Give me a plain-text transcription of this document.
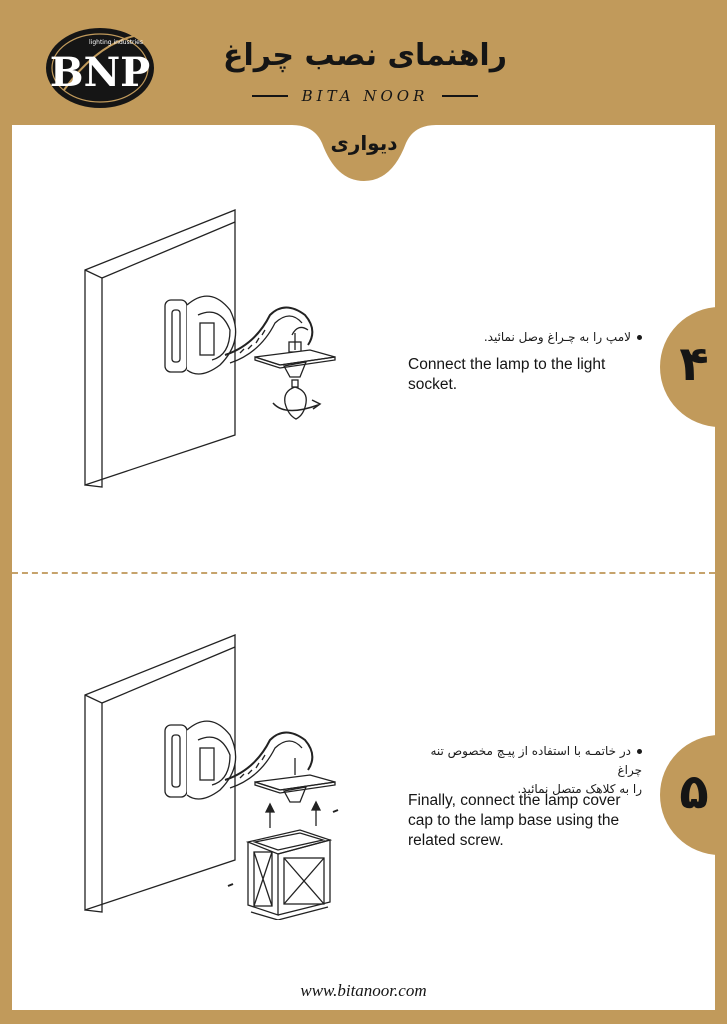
BNP
lighting industries	راهنمای نصب چراغ
BITA NOOR
دیواری
لامپ را به چـراغ وصل نمائید.
Connect the lamp to the light
socket.	۴
در خاتمـه با استفاده از پیـچ مخصوص تنه چراغ
را به کلاهک متصل نمائید.
Finally, connect the lamp cover
cap to the lamp base using the
related screw.
۵
www.bitanoor.com
